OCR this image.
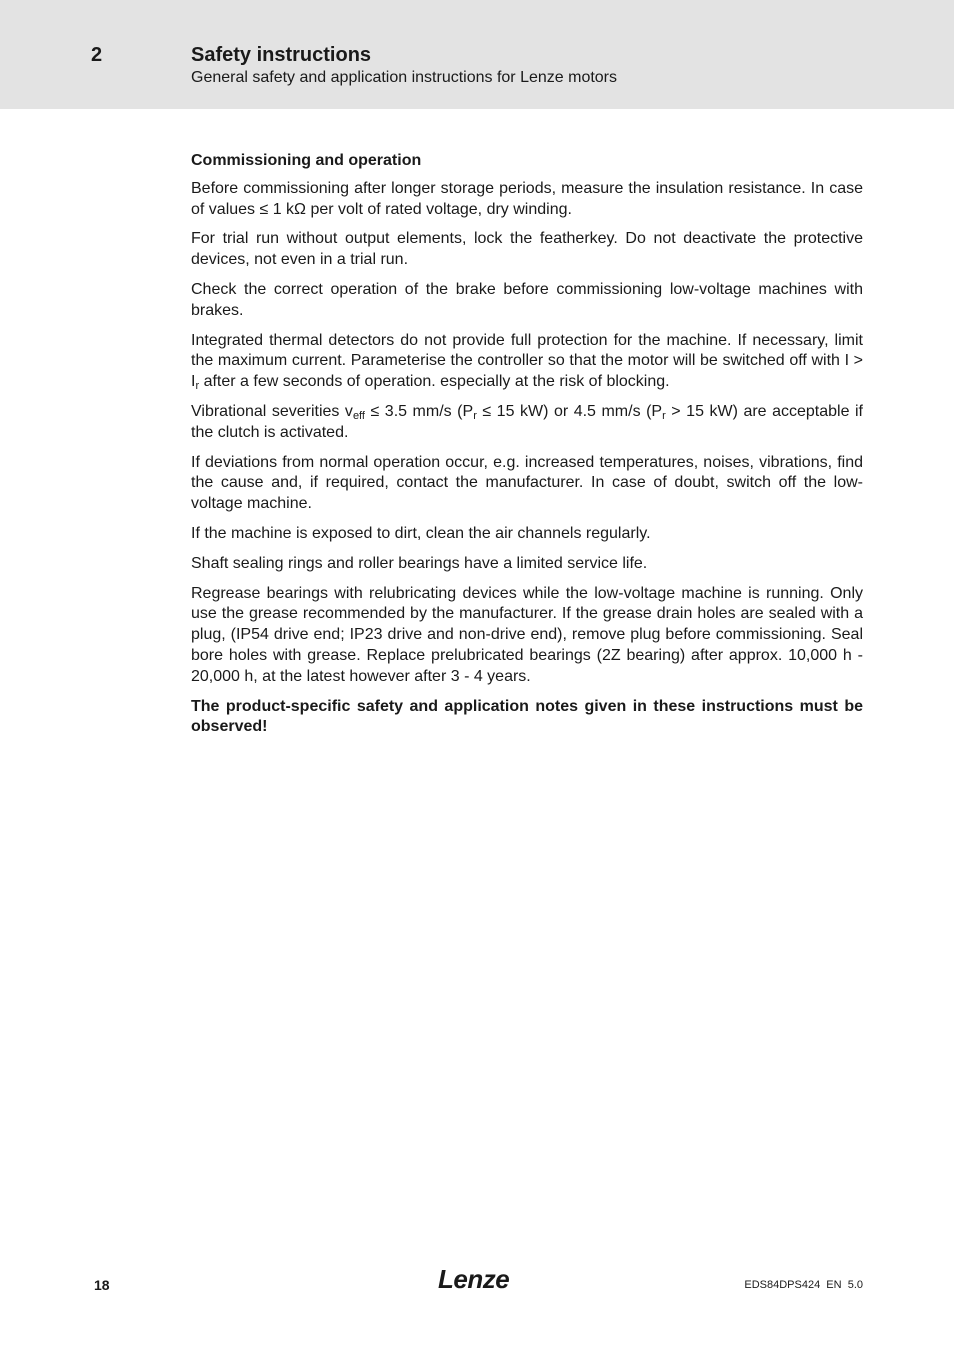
2	Safety instructions
General safety and application instructions for Lenze motors
Commissioning and operation

Before commissioning after longer storage periods, measure the insulation resistance. In case of values ≤ 1 kΩ per volt of rated voltage, dry winding.

For trial run without output elements, lock the featherkey. Do not deactivate the protective devices, not even in a trial run.

Check the correct operation of the brake before commissioning low-voltage machines with brakes.

Integrated thermal detectors do not provide full protection for the machine. If necessary, limit the maximum current. Parameterise the controller so that the motor will be switched off with $I > I_r$ after a few seconds of operation. especially at the risk of blocking.

Vibrational severities $v_{eff} \le 3.5$ mm/s ($P_r \le 15$ kW) or 4.5 mm/s ($P_r > 15$ kW) are acceptable if the clutch is activated.

If deviations from normal operation occur, e.g. increased temperatures, noises, vibrations, find the cause and, if required, contact the manufacturer. In case of doubt, switch off the low-voltage machine.

If the machine is exposed to dirt, clean the air channels regularly.

Shaft sealing rings and roller bearings have a limited service life.

Regrease bearings with relubricating devices while the low-voltage machine is running. Only use the grease recommended by the manufacturer. If the grease drain holes are sealed with a plug, (IP54 drive end; IP23 drive and non-drive end), remove plug before commissioning. Seal bore holes with grease. Replace prelubricated bearings (2Z bearing) after approx. 10,000 h - 20,000 h, at the latest however after 3 - 4 years.

The product-specific safety and application notes given in these instructions must be observed!

18	Lenze	EDS84DPS424  EN  5.0
